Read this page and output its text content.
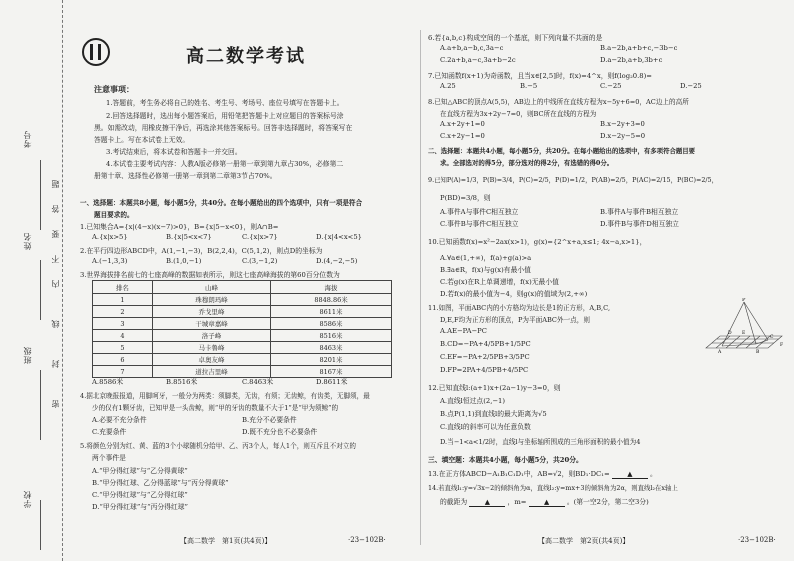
考号
姓名
班级
学校
题
答
要
不
内
线
封
密
高二数学考试
注意事项：
1.答题前，考生务必将自己的姓名、考生号、考场号、座位号填写在答题卡上。
2.回答选择题时，选出每小题答案后，用铅笔把答题卡上对应题目的答案标号涂
黑。如需改动，用橡皮擦干净后，再选涂其他答案标号。回答非选择题时，将答案写在
答题卡上。写在本试卷上无效。
3.考试结束后，将本试卷和答题卡一并交回。
4.本试卷主要考试内容：人教A版必修第一册第一章到第九章占30%，必修第二
册第十章、选择性必修第一册第一章到第二章第3节占70%。
一、选择题：本题共8小题，每小题5分，共40分。在每小题给出的四个选项中，只有一项是符合
题目要求的。
1.已知集合A={x|(4−x)(x−7)>0}，B={x|5−x<0}，则A∩B=
A.{x|x>5}	B.{x|5<x<7}	C.{x|x>7}	D.{x|4<x<5}
2.在平行四边形ABCD中，A(1,−1,−3)，B(2,2,4)，C(5,1,2)，则点D的坐标为
A.(−1,3,3)	B.(1,0,−1)	C.(3,−1,2)	D.(4,−2,−5)
3.世界海拔排名前七的七座高峰的数据如表所示，则这七座高峰海拔的第60百分位数为
排名	山峰	海拔
1	珠穆朗玛峰	8848.86米
2	乔戈里峰	8611米
3	干城章嘉峰	8586米
4	洛子峰	8516米
5	马卡鲁峰	8463米
6	卓奥友峰	8201米
7	道拉吉里峰	8167米
A.8586米	B.8516米	C.8463米	D.8611米
4.据北京晚报报道，用脚呵牙，一般分为两类：须脚类，无齿，有须；无齿鲸，有齿类，无脚须，最
少的仅有1颗牙齿，已知甲是一头齿鲸，则“甲的牙齿的数量不大于1”是“甲为须鲸”的
A.必要不充分条件	B.充分不必要条件
C.充要条件	D.既不充分也不必要条件
5.将颜色分别为红、黄、蓝的3个小球随机分给甲、乙、丙3个人，每人1个，则互斥且不对立的
两个事件是
A.“甲分得红球”与“乙分得黄球”
B.“甲分得红球、乙分得蓝球”与“丙分得黄球”
C.“甲分得红球”与“乙分得红球”
D.“甲分得红球”与“丙分得红球”
【高二数学　第1页(共4页)】	·23−102B·
6.若{a,b,c}构成空间的一个基底，则下列向量不共面的是
A.a+b,a−b,c,3a−c	B.a−2b,a+b+c,−3b−c
C.2a+b,a−c,3a+b−2c	D.a−2b,a+b,3b+c
7.已知函数f(x+1)为奇函数，且当x∈[2,5]时，f(x)=4^x，则f(log₂0.8)=
A.25	B.−5	C.−25	D.−25
8.已知△ABC的顶点A(5,5)，AB边上的中线所在直线方程为x−5y+6=0，AC边上的高所
在直线方程为3x+2y−7=0，则BC所在直线的方程为
A.x+2y+1=0	B.x−2y+3=0
C.x+2y−1=0	D.x−2y−5=0
二、选择题：本题共4小题，每小题5分，共20分。在每小题给出的选项中，有多项符合题目要
求。全部选对的得5分，部分选对的得2分，有选错的得0分。
9.已知P(A)=1/3，P(B)=3/4，P(C)=2/5，P(D)=1/2，P(AB)=2/5，P(AC)=2/15，P(BC)=2/5，
P(BD)=3/8，则
A.事件A与事件C相互独立	B.事件A与事件B相互独立
C.事件B与事件C相互独立	D.事件B与事件D相互独立
10.已知函数f(x)=x²−2ax(x>1)，g(x)={2^x+a,x≤1; 4x−a,x>1}，
A.∀a∈(1,+∞)，f(a)+g(a)>a
B.∃a∈R，f(x)与g(x)有最小值
C.若g(x)在R上单调递增，f(x)无最小值
D.若f(x)的最小值为−4，则g(x)的值域为(2,+∞)
11.如图，平面ABC内的小方格均为边长是1的正方形，A,B,C,
D,E,F均为正方形的顶点，P为平面ABC外一点，则
A.AE−PA−PC
B.CD=−PA+4/5PB+1/5PC
C.EF=−PA+2/5PB+3/5PC
D.FP=2PA+4/5PB+4/5PC
P
A	B
C
D E
F
12.已知直线l:(a+1)x+(2a−1)y−3=0，则
A.直线l恒过点(2,−1)
B.点P(1,1)到直线l的最大距离为√5
C.直线l的斜率可以为任意负数
D.当−1<a<1/2时，直线l与坐标轴所围成的三角形面积的最小值为4
三、填空题：本题共4小题，每小题5分，共20分。
13.在正方体ABCD−A₁B₁C₁D₁中，AB=√2，则BD₁·DC₁=	▲	。
14.若直线l₁:y=√3x−2的倾斜角为α，直线l₂:y=mx+3的倾斜角为2α，则直线l₂在x轴上
的截距为	▲	，m=	▲	。(第一空2分，第二空3分)
【高二数学　第2页(共4页)】	·23−102B·
